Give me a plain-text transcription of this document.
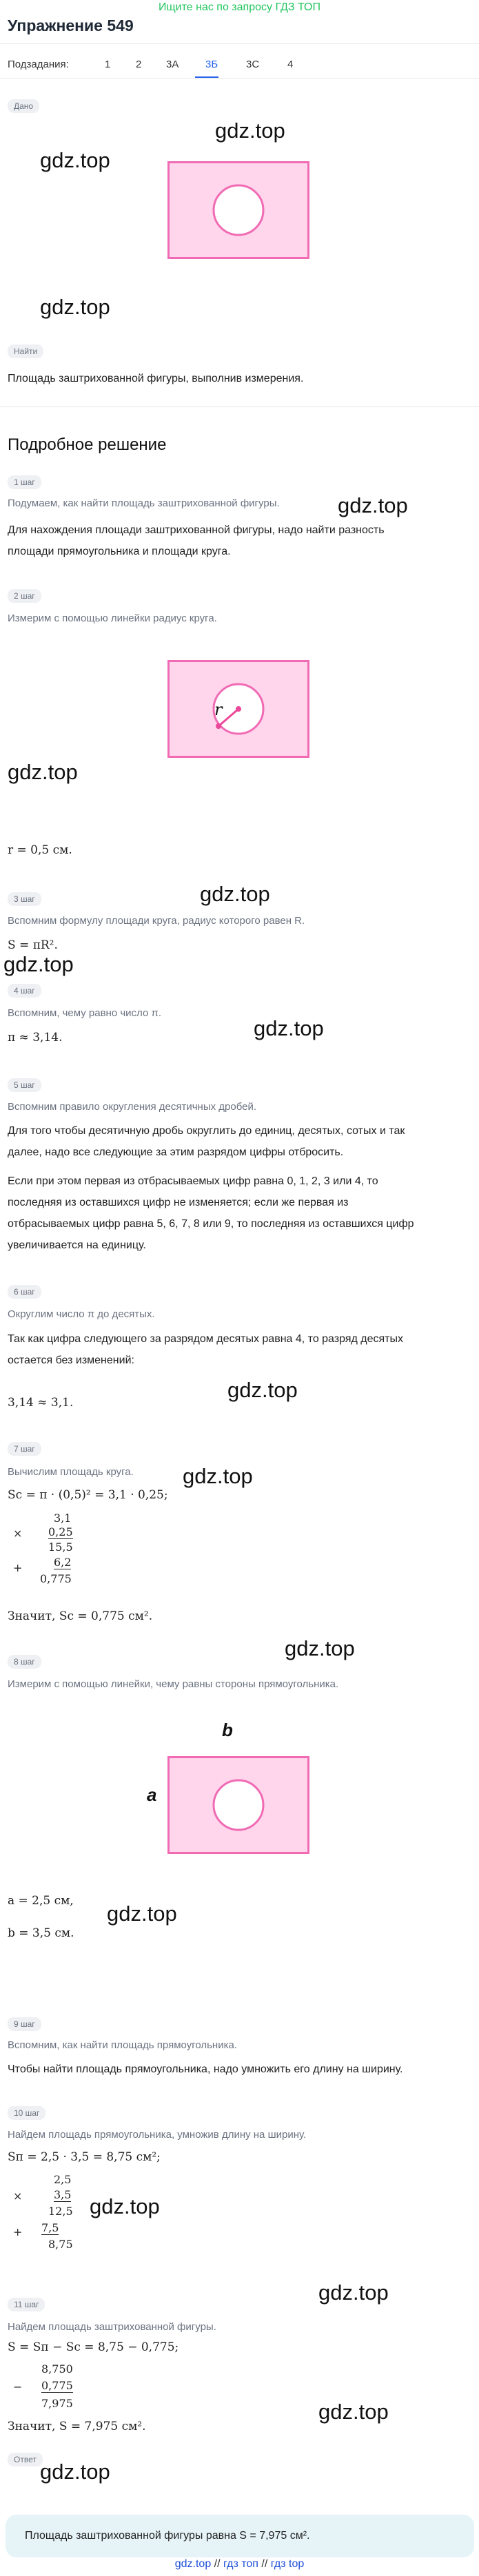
Ищите нас по запросу ГДЗ ТОП
Упражнение 549
Подзадания:	1 2 3А	3Б	3С	4
Дано
gdz.top
gdz.top
gdz.top
Найти
Площадь заштрихованной фигуры, выполнив измерения.
Подробное решение
1 шаг
Подумаем, как найти площадь заштрихованной фигуры.	gdz.top
Для нахождения площади заштрихованной фигуры, надо найти разность
площади прямоугольника и площади круга.
2 шаг
Измерим с помощью линейки радиус круга.
r
gdz.top
r = 0,5 см.
3 шаг	gdz.top
Вспомним формулу площади круга, радиус которого равен R.
S = πR².
gdz.top
4 шаг
gdz.top
Вспомним, чему равно число π.
π ≈ 3,14.
5 шаг
Вспомним правило округления десятичных дробей.
Для того чтобы десятичную дробь округлить до единиц, десятых, сотых и так
далее, надо все следующие за этим разрядом цифры отбросить.
Если при этом первая из отбрасываемых цифр равна 0, 1, 2, 3 или 4, то
последняя из оставшихся цифр не изменяется; если же первая из
отбрасываемых цифр равна 5, 6, 7, 8 или 9, то последняя из оставшихся цифр
увеличивается на единицу.
6 шаг
Округлим число π до десятых.
Так как цифра следующего за разрядом десятых равна 4, то разряд десятых
остается без изменений:
gdz.top
3,14 ≈ 3,1.
7 шаг
Вычислим площадь круга. gdz.top
Sс = π · (0,5)² = 3,1 · 0,25;
×
3,1
0,25
15,5
+	6,2
0,775
Значит, Sс = 0,775 см².
gdz.top
8 шаг
Измерим с помощью линейки, чему равны стороны прямоугольника.
b
a
a = 2,5 см,
gdz.top
b = 3,5 см.
9 шаг
Вспомним, как найти площадь прямоугольника.
Чтобы найти площадь прямоугольника, надо умножить его длину на ширину.
10 шаг
Найдем площадь прямоугольника, умножив длину на ширину.
Sп = 2,5 · 3,5 = 8,75 см²;
gdz.top
×
2,5
3,5
12,5
+ 7,5
8,75
gdz.top
11 шаг
Найдем площадь заштрихованной фигуры.
S = Sп − Sс = 8,75 − 0,775;
−
8,750
0,775
7,975	gdz.top
Значит, S = 7,975 см².
Ответ gdz.top
Площадь заштрихованной фигуры равна S = 7,975 см².
gdz.top // гдз топ // гдз top
